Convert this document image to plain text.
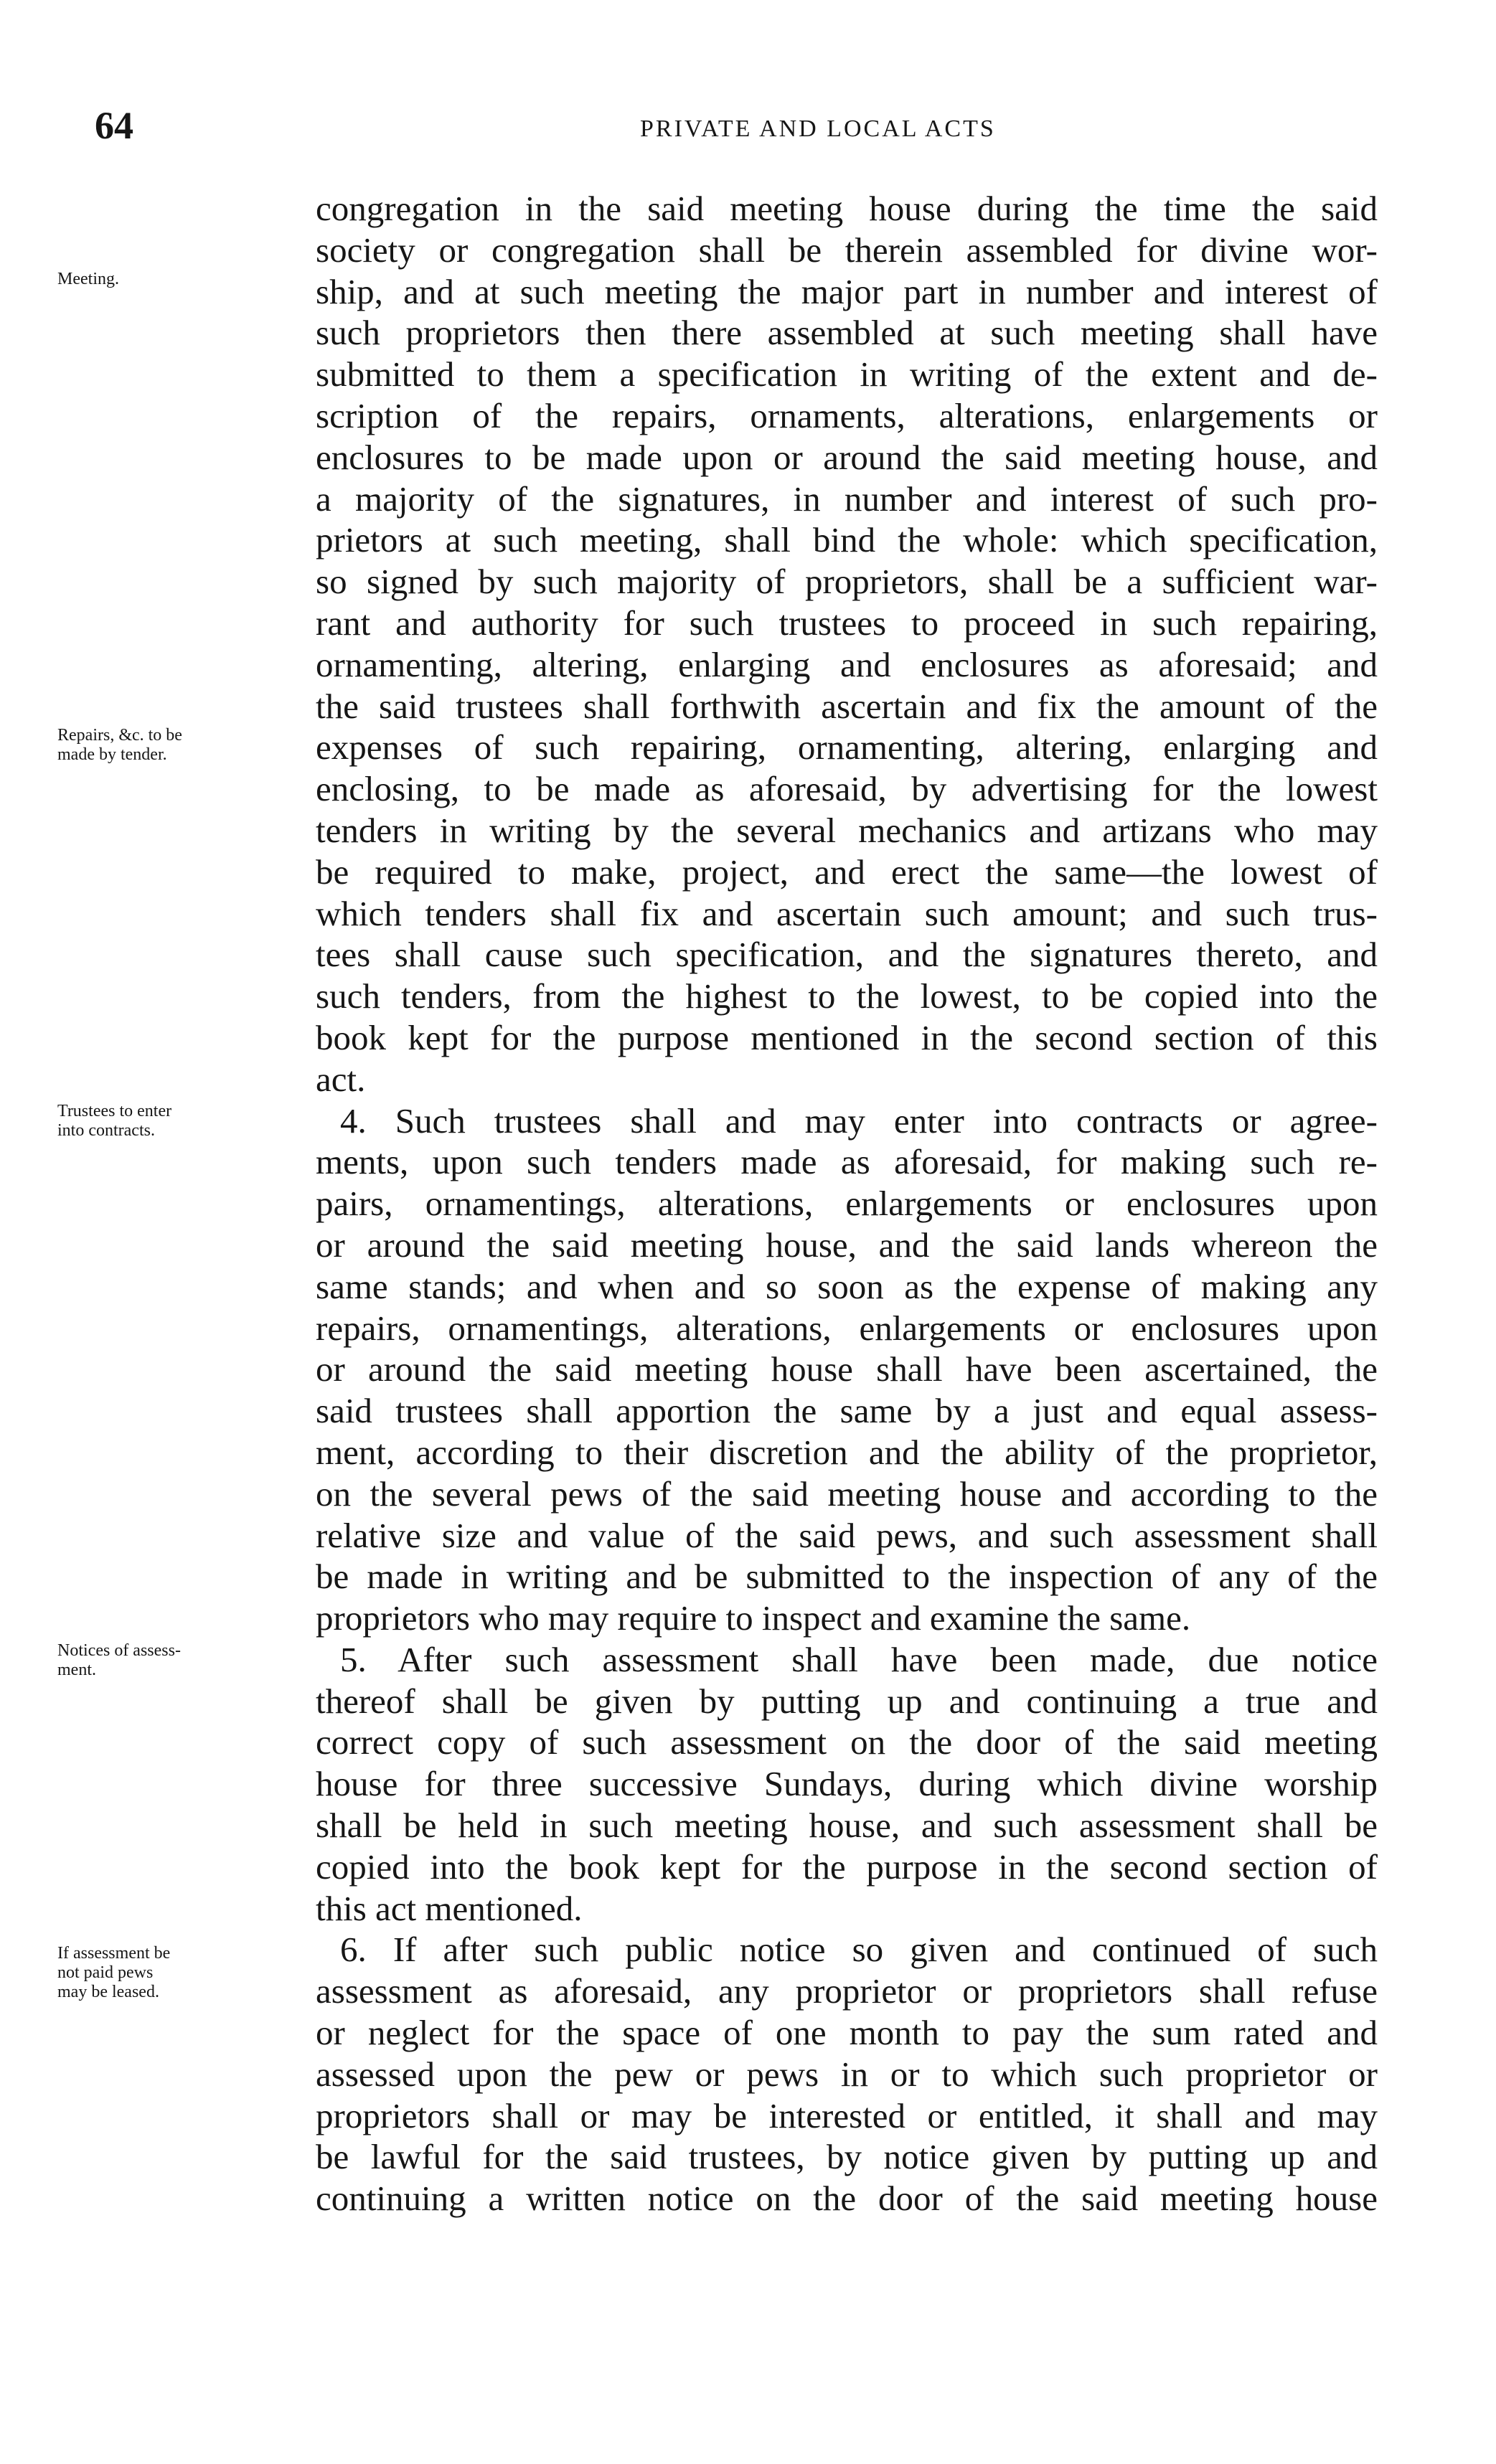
64	PRIVATE AND LOCAL ACTS
Meeting.
Repairs, &c. to be
made by tender.
Trustees to enter
into contracts.
Notices of assess-
ment.
If assessment be
not paid pews
may be leased.
congregation in the said meeting house during the time the said
society or congregation shall be therein assembled for divine wor-
ship, and at such meeting the major part in number and interest of
such proprietors then there assembled at such meeting shall have
submitted to them a specification in writing of the extent and de-
scription of the repairs, ornaments, alterations, enlargements or
enclosures to be made upon or around the said meeting house, and
a majority of the signatures, in number and interest of such pro-
prietors at such meeting, shall bind the whole: which specification,
so signed by such majority of proprietors, shall be a sufficient war-
rant and authority for such trustees to proceed in such repairing,
ornamenting, altering, enlarging and enclosures as aforesaid; and
the said trustees shall forthwith ascertain and fix the amount of the
expenses of such repairing, ornamenting, altering, enlarging and
enclosing, to be made as aforesaid, by advertising for the lowest
tenders in writing by the several mechanics and artizans who may
be required to make, project, and erect the same—the lowest of
which tenders shall fix and ascertain such amount; and such trus-
tees shall cause such specification, and the signatures thereto, and
such tenders, from the highest to the lowest, to be copied into the
book kept for the purpose mentioned in the second section of this
act.
4. Such trustees shall and may enter into contracts or agree-
ments, upon such tenders made as aforesaid, for making such re-
pairs, ornamentings, alterations, enlargements or enclosures upon
or around the said meeting house, and the said lands whereon the
same stands; and when and so soon as the expense of making any
repairs, ornamentings, alterations, enlargements or enclosures upon
or around the said meeting house shall have been ascertained, the
said trustees shall apportion the same by a just and equal assess-
ment, according to their discretion and the ability of the proprietor,
on the several pews of the said meeting house and according to the
relative size and value of the said pews, and such assessment shall
be made in writing and be submitted to the inspection of any of the
proprietors who may require to inspect and examine the same.
5. After such assessment shall have been made, due notice
thereof shall be given by putting up and continuing a true and
correct copy of such assessment on the door of the said meeting
house for three successive Sundays, during which divine worship
shall be held in such meeting house, and such assessment shall be
copied into the book kept for the purpose in the second section of
this act mentioned.
6. If after such public notice so given and continued of such
assessment as aforesaid, any proprietor or proprietors shall refuse
or neglect for the space of one month to pay the sum rated and
assessed upon the pew or pews in or to which such proprietor or
proprietors shall or may be interested or entitled, it shall and may
be lawful for the said trustees, by notice given by putting up and
continuing a written notice on the door of the said meeting house
